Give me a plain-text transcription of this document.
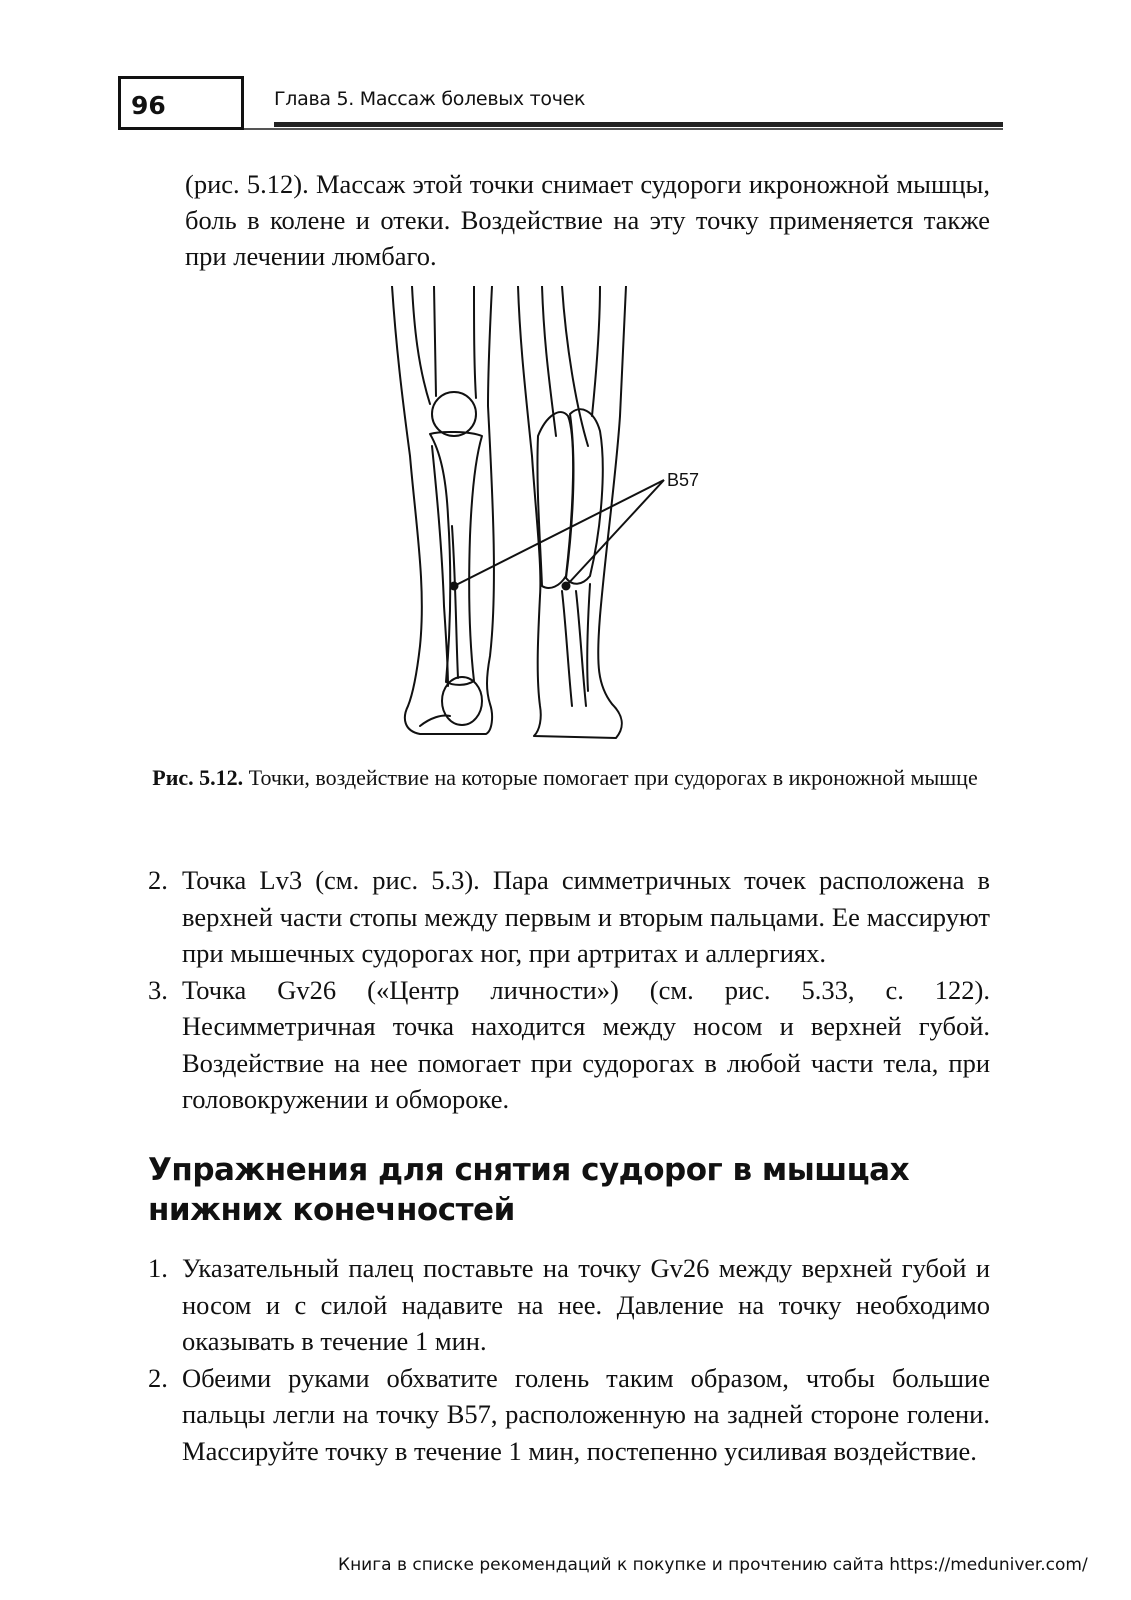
96	Глава 5. Массаж болевых точек

(рис. 5.12). Массаж этой точки снимает судороги икроножной мышцы, боль в колене и отеки. Воздействие на эту точку применяется также при лечении люмбаго.

B57
Рис. 5.12. Точки, воздействие на которые помогает при судорогах в икроножной мышце
2. Точка Lv3 (см. рис. 5.3). Пара симметричных точек расположена в верхней части стопы между первым и вторым пальцами. Ее массируют при мышечных судорогах ног, при артритах и аллергиях.
3. Точка Gv26 («Центр личности») (см. рис. 5.33, с. 122). Несимметричная точка находится между носом и верхней губой. Воздействие на нее помогает при судорогах в любой части тела, при головокружении и обмороке.
Упражнения для снятия судорог в мышцах нижних конечностей
1. Указательный палец поставьте на точку Gv26 между верхней губой и носом и с силой надавите на нее. Давление на точку необходимо оказывать в течение 1 мин.
2. Обеими руками обхватите голень таким образом, чтобы большие пальцы легли на точку B57, расположенную на задней стороне голени. Массируйте точку в течение 1 мин, постепенно усиливая воздействие.
Книга в списке рекомендаций к покупке и прочтению сайта https://meduniver.com/
